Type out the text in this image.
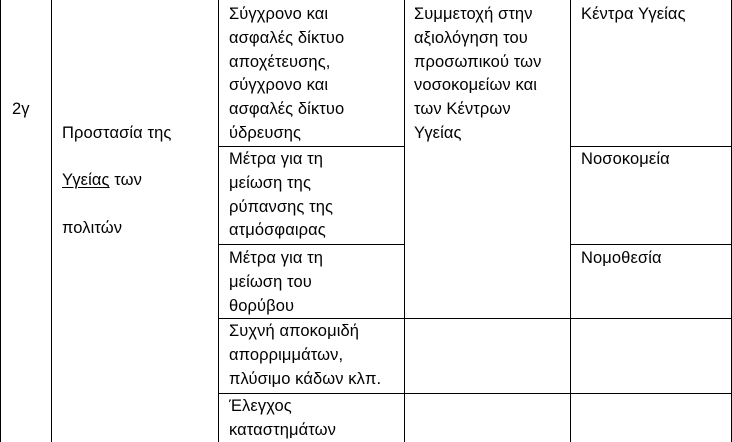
2γ

Προστασία της

Υγείας των

πολιτών

Σύγχρονο και
ασφαλές δίκτυο
αποχέτευσης,
σύγχρονο και
ασφαλές δίκτυο
ύδρευσης
Μέτρα για τη
μείωση της
ρύπανσης της
ατμόσφαιρας
Μέτρα για τη
μείωση του
θορύβου
Συχνή αποκομιδή
απορριμμάτων,
πλύσιμο κάδων κλπ.
Έλεγχος
καταστημάτων
Συμμετοχή στην
αξιολόγηση του
προσωπικού των
νοσοκομείων και
των Κέντρων
Υγείας
Κέντρα Υγείας
Νοσοκομεία
Νομοθεσία
